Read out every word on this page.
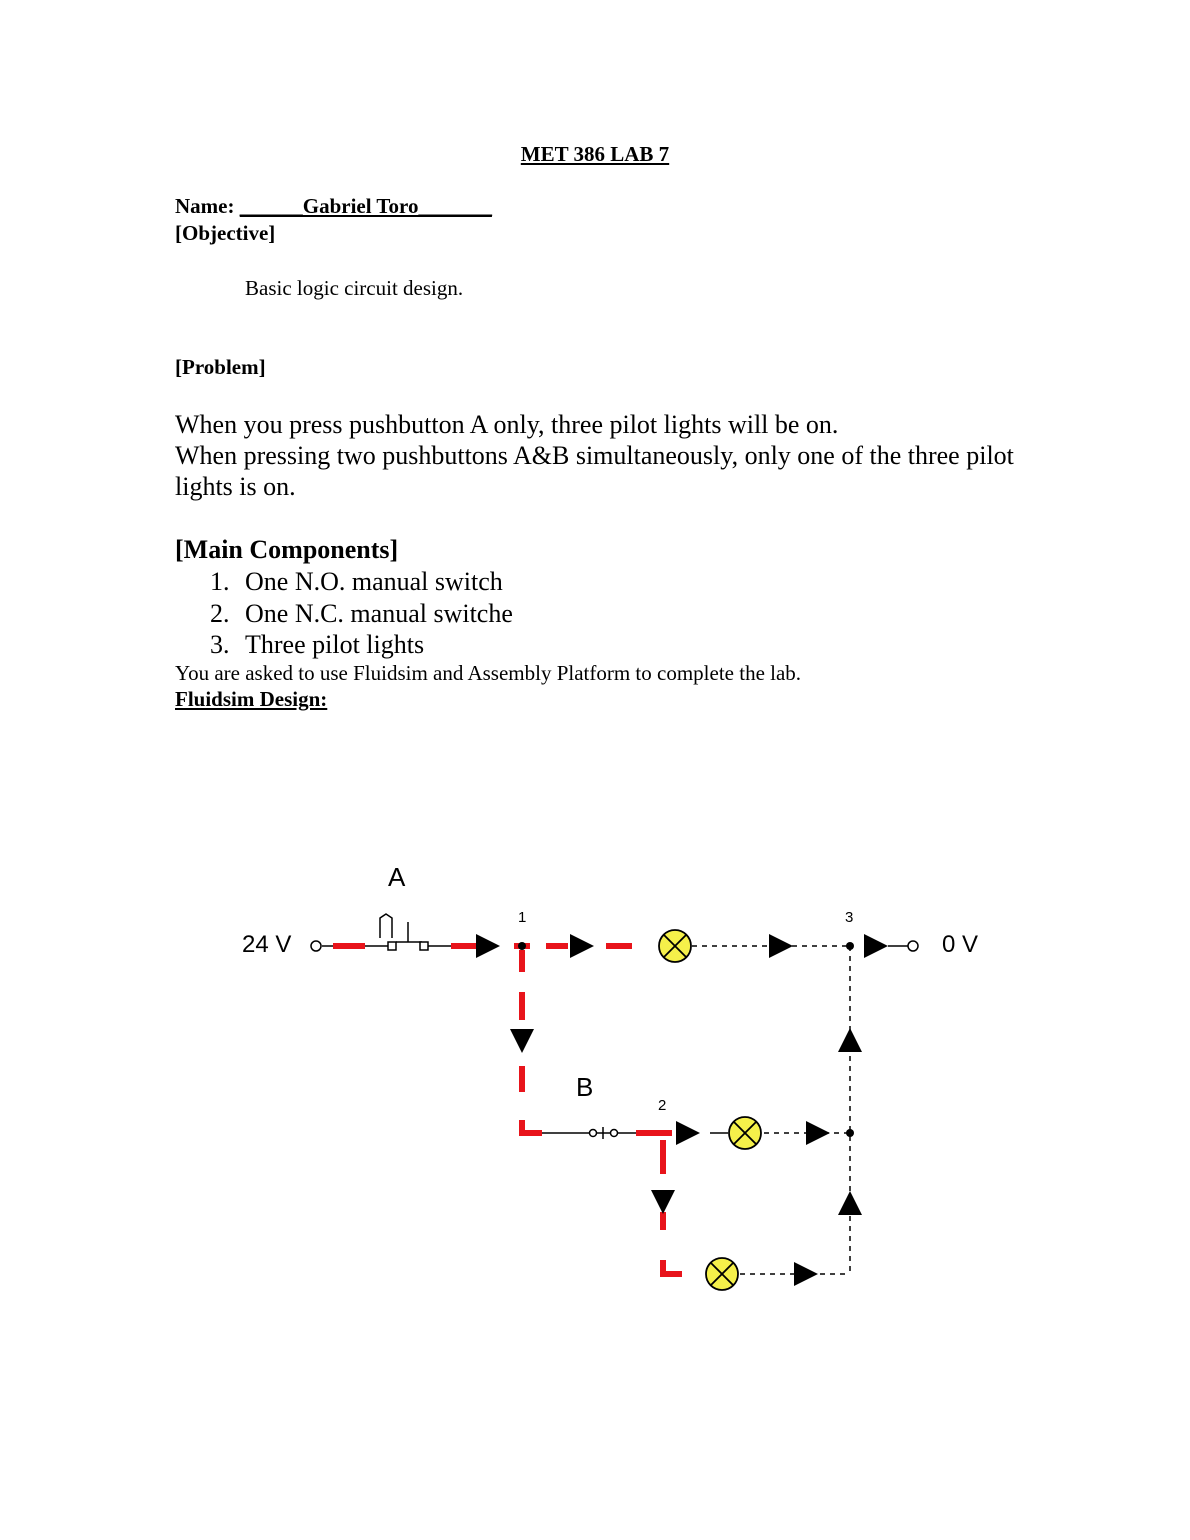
MET 386 LAB 7
Name: ______Gabriel Toro_______
[Objective]
Basic logic circuit design.
[Problem]
When you press pushbutton A only, three pilot lights will be on.
When pressing two pushbuttons A&B simultaneously, only one of the three pilot lights is on.
[Main Components]
1. One N.O. manual switch
2. One N.C. manual switche
3. Three pilot lights
You are asked to use Fluidsim and Assembly Platform to complete the lab.
Fluidsim Design:
A
B
24 V	0 V
1
2
3
